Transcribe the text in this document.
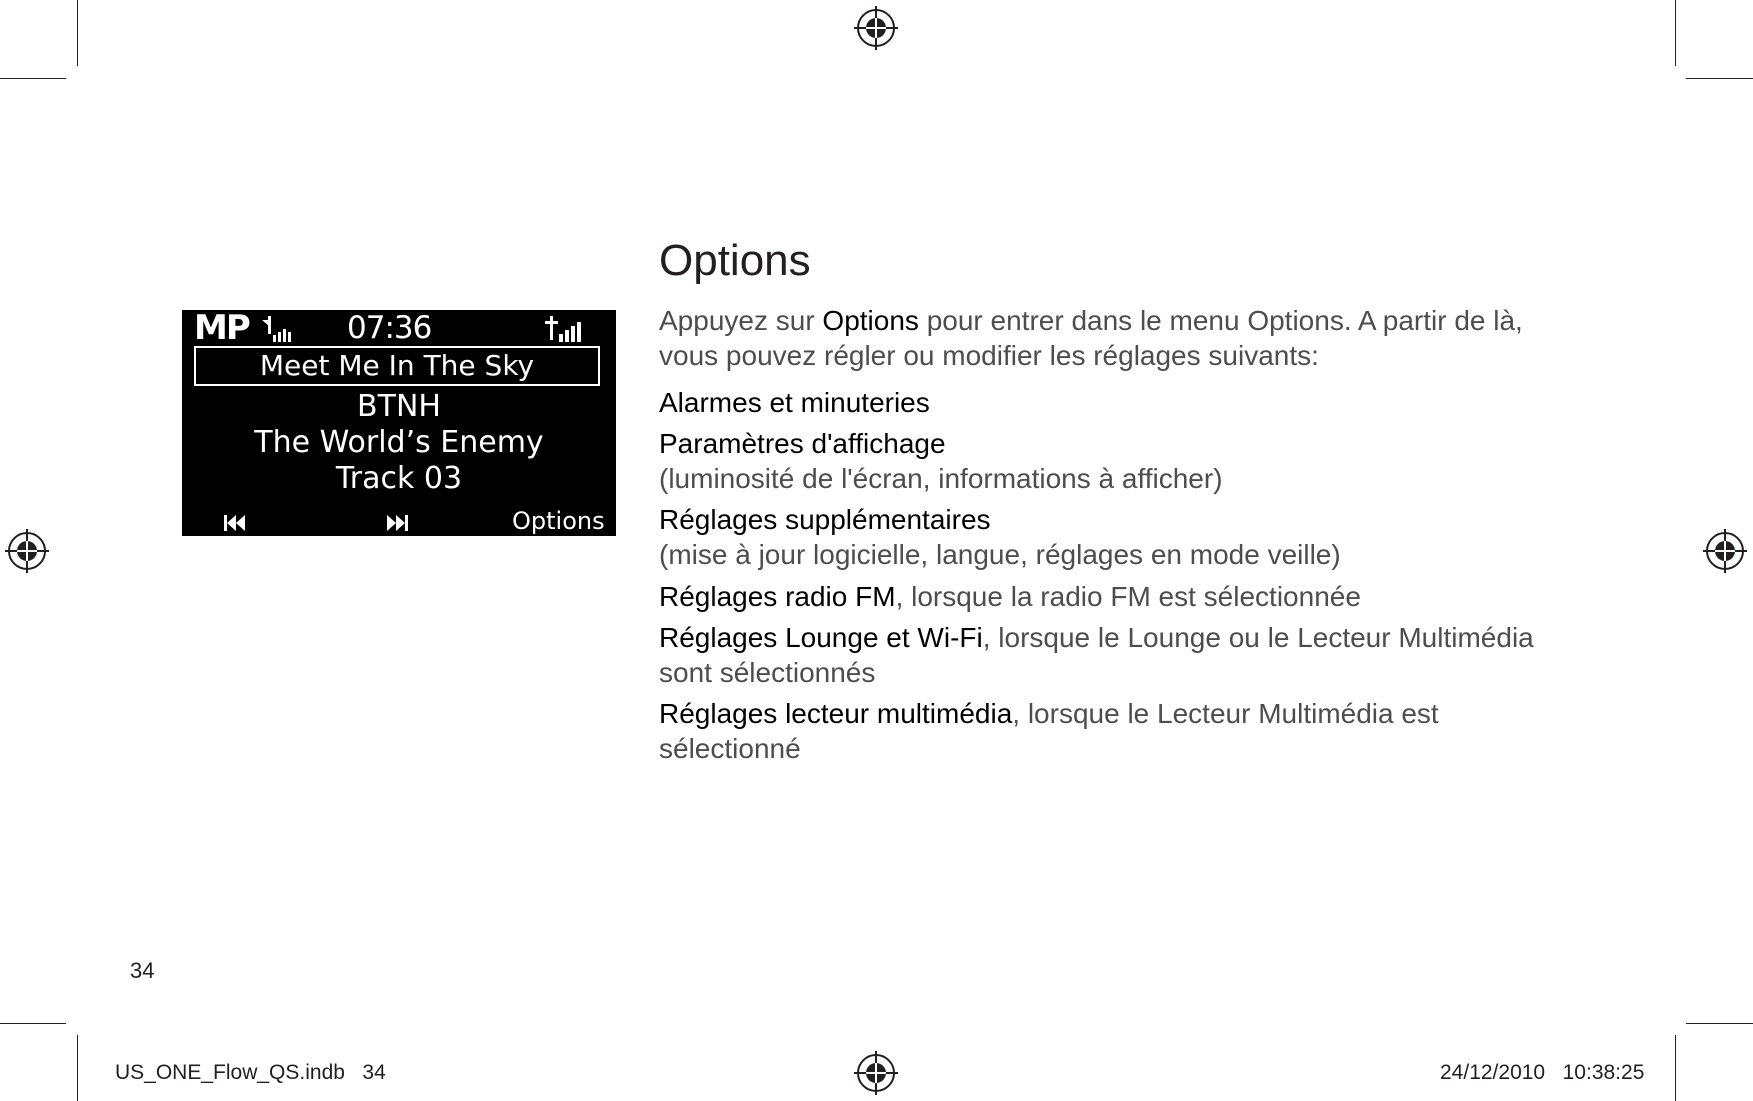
MP	07:36
Meet Me In The Sky
BTNH
The World’s Enemy
Track 03
Options
Options
Appuyez sur Options pour entrer dans le menu Options. A partir de là, vous pouvez régler ou modifier les réglages suivants:
Alarmes et minuteries
Paramètres d'affichage
(luminosité de l'écran, informations à afficher)
Réglages supplémentaires
(mise à jour logicielle, langue, réglages en mode veille)
Réglages radio FM, lorsque la radio FM est sélectionnée
Réglages Lounge et Wi-Fi, lorsque le Lounge ou le Lecteur Multimédia sont sélectionnés
Réglages lecteur multimédia, lorsque le Lecteur Multimédia est sélectionné
34
US_ONE_Flow_QS.indb   34	24/12/2010 10:38:25
